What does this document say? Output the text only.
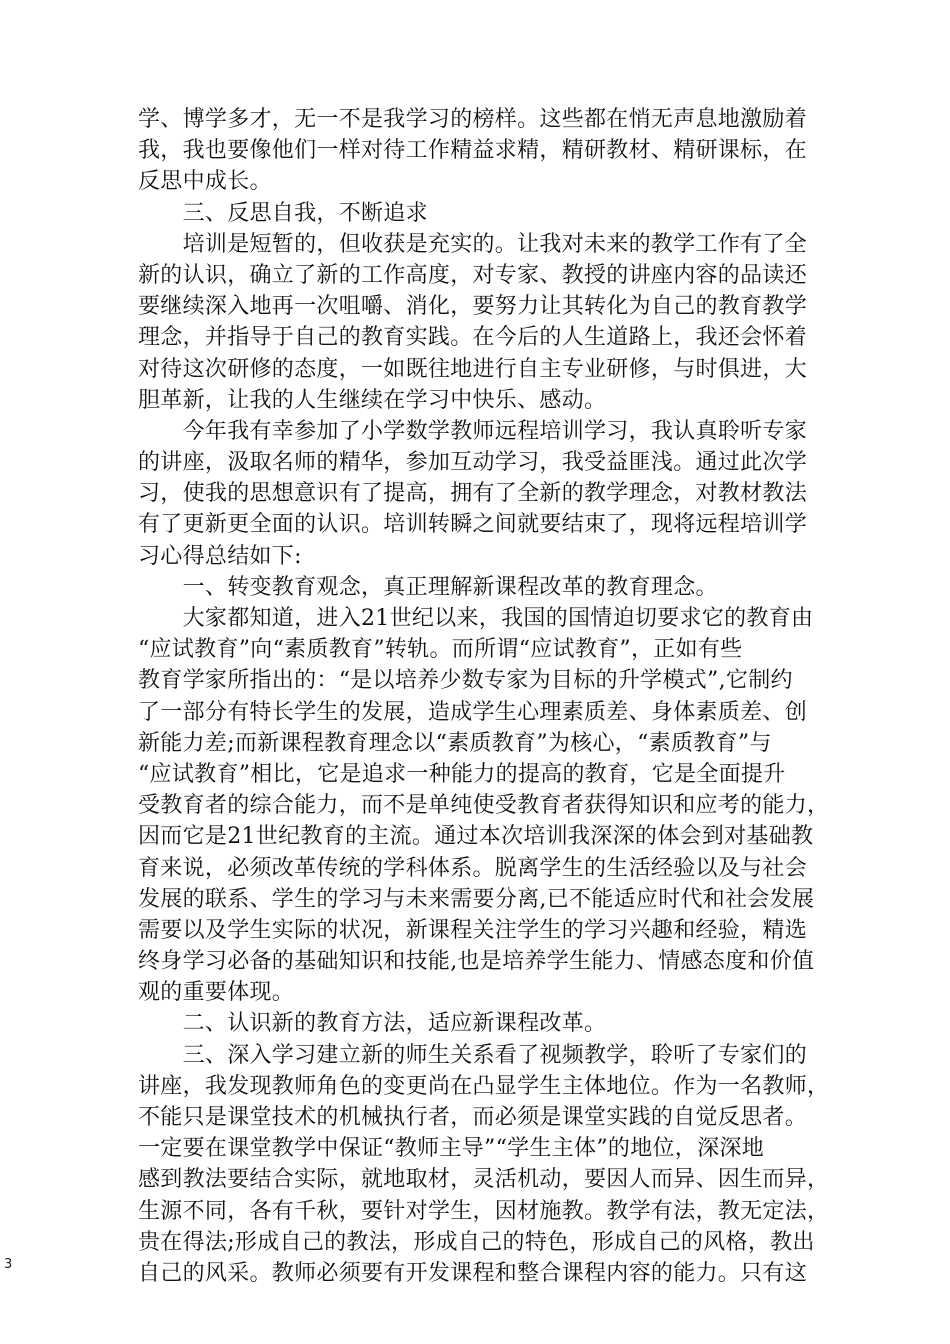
学、博学多才，无一不是我学习的榜样。这些都在悄无声息地激励着
我，我也要像他们一样对待工作精益求精，精研教材、精研课标，在
反思中成长。
　　三、反思自我，不断追求
　　培训是短暂的，但收获是充实的。让我对未来的教学工作有了全
新的认识，确立了新的工作高度，对专家、教授的讲座内容的品读还
要继续深入地再一次咀嚼、消化，要努力让其转化为自己的教育教学
理念，并指导于自己的教育实践。在今后的人生道路上，我还会怀着
对待这次研修的态度，一如既往地进行自主专业研修，与时俱进，大
胆革新，让我的人生继续在学习中快乐、感动。
　　今年我有幸参加了小学数学教师远程培训学习，我认真聆听专家
的讲座，汲取名师的精华，参加互动学习，我受益匪浅。通过此次学
习，使我的思想意识有了提高，拥有了全新的教学理念，对教材教法
有了更新更全面的认识。培训转瞬之间就要结束了，现将远程培训学
习心得总结如下:
　　一、转变教育观念，真正理解新课程改革的教育理念。
　　大家都知道，进入21世纪以来，我国的国情迫切要求它的教育由
“应试教育”向“素质教育”转轨。而所谓“应试教育”，正如有些
教育学家所指出的：“是以培养少数专家为目标的升学模式”,它制约
了一部分有特长学生的发展，造成学生心理素质差、身体素质差、创
新能力差;而新课程教育理念以“素质教育”为核心，“素质教育”与
“应试教育”相比，它是追求一种能力的提高的教育，它是全面提升
受教育者的综合能力，而不是单纯使受教育者获得知识和应考的能力，
因而它是21世纪教育的主流。通过本次培训我深深的体会到对基础教
育来说，必须改革传统的学科体系。脱离学生的生活经验以及与社会
发展的联系、学生的学习与未来需要分离,已不能适应时代和社会发展
需要以及学生实际的状况，新课程关注学生的学习兴趣和经验，精选
终身学习必备的基础知识和技能,也是培养学生能力、情感态度和价值
观的重要体现。
　　二、认识新的教育方法，适应新课程改革。
　　三、深入学习建立新的师生关系看了视频教学，聆听了专家们的
讲座，我发现教师角色的变更尚在凸显学生主体地位。作为一名教师，
不能只是课堂技术的机械执行者，而必须是课堂实践的自觉反思者。
一定要在课堂教学中保证“教师主导”“学生主体”的地位，深深地
感到教法要结合实际，就地取材，灵活机动，要因人而异、因生而异，
生源不同，各有千秋，要针对学生，因材施教。教学有法，教无定法，
贵在得法;形成自己的教法，形成自己的特色，形成自己的风格，教出
自己的风采。教师必须要有开发课程和整合课程内容的能力。只有这
3
